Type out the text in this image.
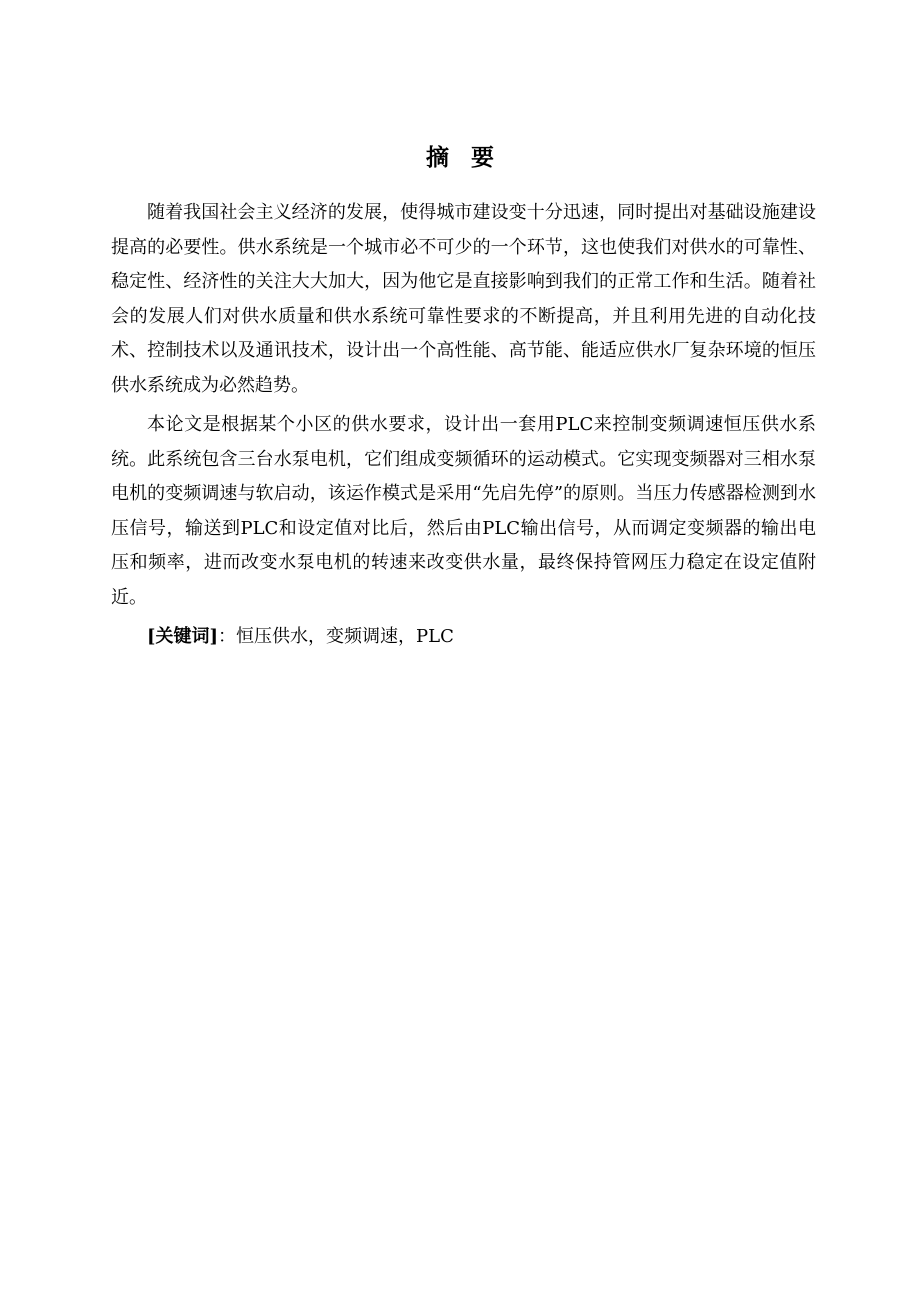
摘要

随着我国社会主义经济的发展，使得城市建设变十分迅速，同时提出对基础设施建设提高的必要性。供水系统是一个城市必不可少的一个环节，这也使我们对供水的可靠性、稳定性、经济性的关注大大加大，因为他它是直接影响到我们的正常工作和生活。随着社会的发展人们对供水质量和供水系统可靠性要求的不断提高，并且利用先进的自动化技术、控制技术以及通讯技术，设计出一个高性能、高节能、能适应供水厂复杂环境的恒压供水系统成为必然趋势。

本论文是根据某个小区的供水要求，设计出一套用PLC来控制变频调速恒压供水系统。此系统包含三台水泵电机，它们组成变频循环的运动模式。它实现变频器对三相水泵电机的变频调速与软启动，该运作模式是采用“先启先停”的原则。当压力传感器检测到水压信号，输送到PLC和设定值对比后，然后由PLC输出信号，从而调定变频器的输出电压和频率，进而改变水泵电机的转速来改变供水量，最终保持管网压力稳定在设定值附近。

[关键词]：恒压供水，变频调速，PLC
